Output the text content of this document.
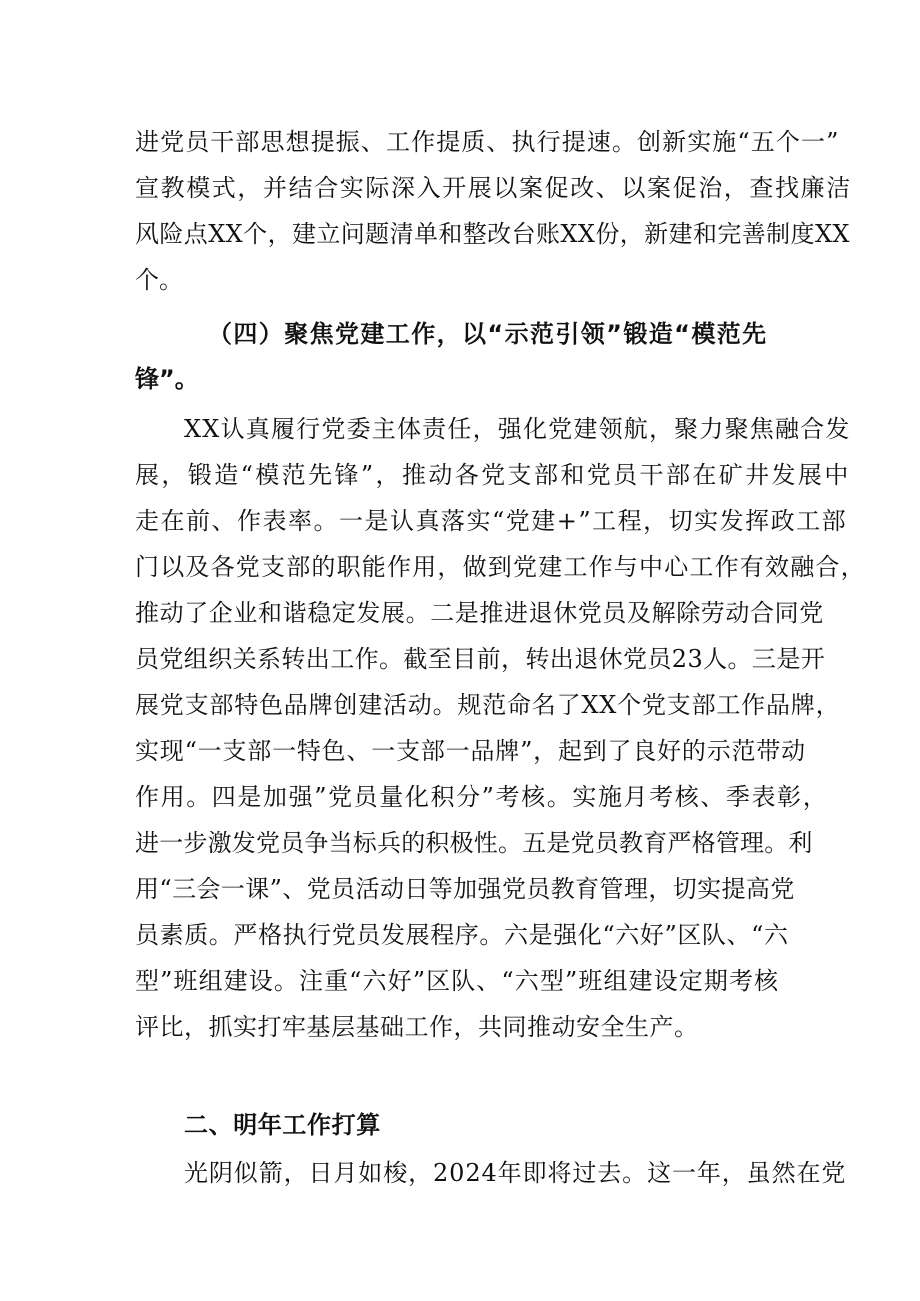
进党员干部思想提振、工作提质、执行提速。创新实施“五个一”

宣教模式，并结合实际深入开展以案促改、以案促治，查找廉洁

风险点XX个，建立问题清单和整改台账XX份，新建和完善制度XX

个。

（四）聚焦党建工作，以“示范引领”锻造“模范先

锋”。

XX认真履行党委主体责任，强化党建领航，聚力聚焦融合发

展，锻造“模范先锋”，推动各党支部和党员干部在矿井发展中

走在前、作表率。一是认真落实“党建+”工程，切实发挥政工部

门以及各党支部的职能作用，做到党建工作与中心工作有效融合，

推动了企业和谐稳定发展。二是推进退休党员及解除劳动合同党

员党组织关系转出工作。截至目前，转出退休党员23人。三是开

展党支部特色品牌创建活动。规范命名了XX个党支部工作品牌，

实现“一支部一特色、一支部一品牌”，起到了良好的示范带动

作用。四是加强”党员量化积分”考核。实施月考核、季表彰，

进一步激发党员争当标兵的积极性。五是党员教育严格管理。利

用“三会一课”、党员活动日等加强党员教育管理，切实提高党

员素质。严格执行党员发展程序。六是强化“六好”区队、“六

型”班组建设。注重“六好”区队、“六型”班组建设定期考核

评比，抓实打牢基层基础工作，共同推动安全生产。

二、明年工作打算

光阴似箭，日月如梭，2024年即将过去。这一年，虽然在党
